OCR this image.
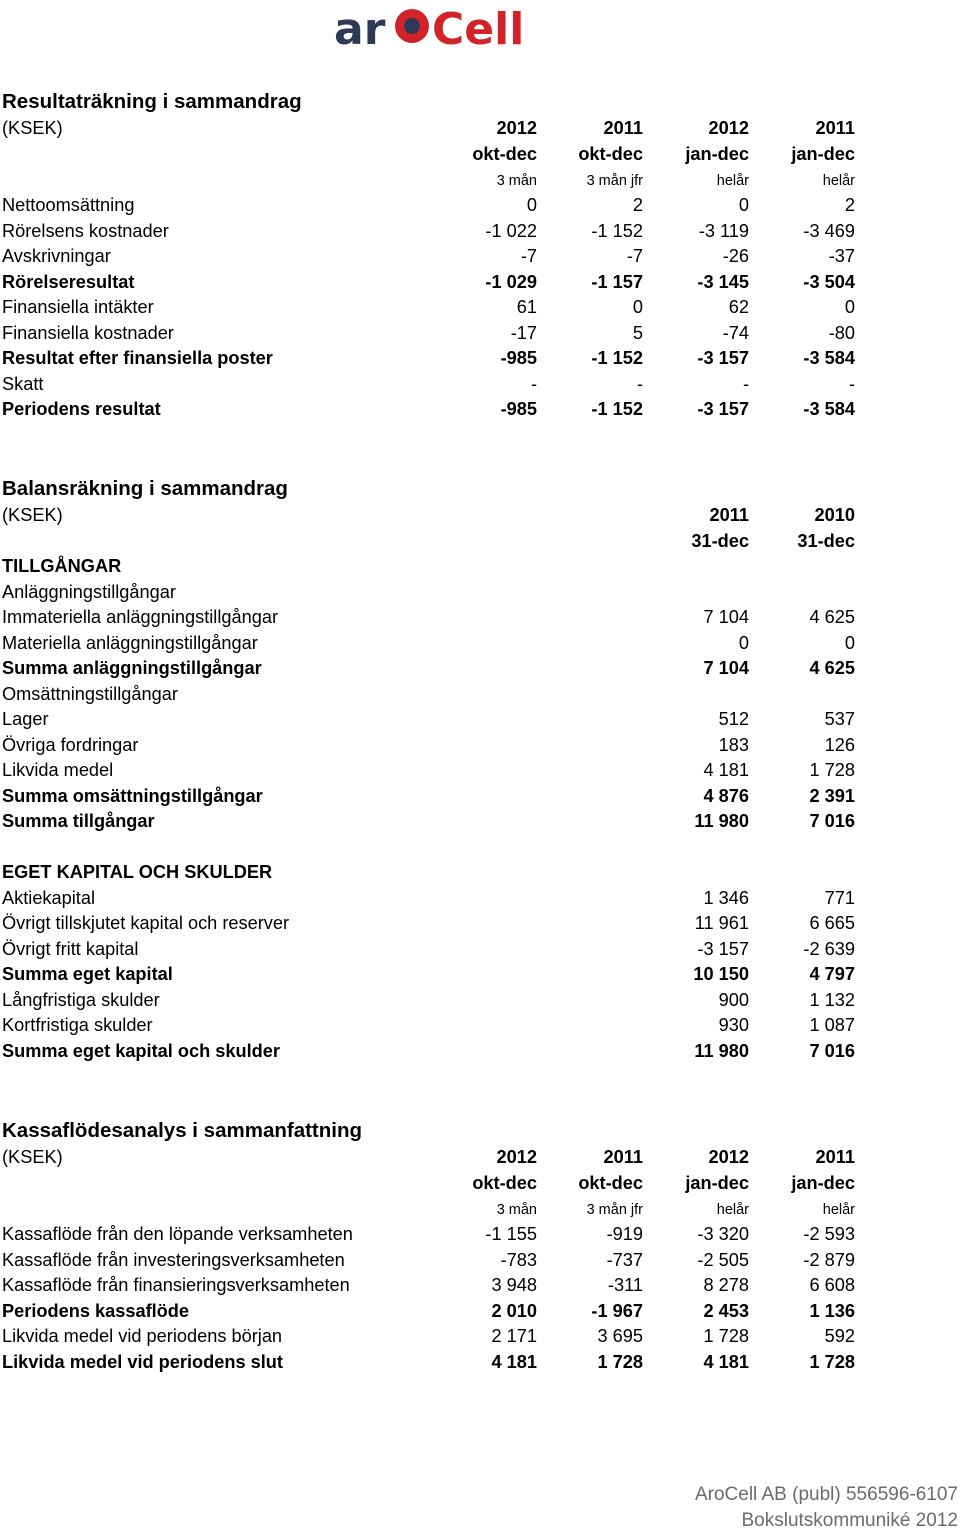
ar Cell
Resultaträkning i sammandrag
(KSEK)	2012	2011	2012	2011
okt-dec	okt-dec	jan-dec	jan-dec
3 mån	3 mån jfr	helår	helår
Nettoomsättning	0	2	0	2
Rörelsens kostnader	-1 022	-1 152	-3 119	-3 469
Avskrivningar	-7	-7	-26	-37
Rörelseresultat	-1 029	-1 157	-3 145	-3 504
Finansiella intäkter	61	0	62	0
Finansiella kostnader	-17	5	-74	-80
Resultat efter finansiella poster	-985	-1 152	-3 157	-3 584
Skatt	-	-	-	-
Periodens resultat	-985	-1 152	-3 157	-3 584
Balansräkning i sammandrag
(KSEK)	2011	2010
31-dec	31-dec
TILLGÅNGAR
Anläggningstillgångar
Immateriella anläggningstillgångar	7 104	4 625
Materiella anläggningstillgångar	0	0
Summa anläggningstillgångar	7 104	4 625
Omsättningstillgångar
Lager	512	537
Övriga fordringar	183	126
Likvida medel	4 181	1 728
Summa omsättningstillgångar	4 876	2 391
Summa tillgångar	11 980	7 016
EGET KAPITAL OCH SKULDER
Aktiekapital	1 346	771
Övrigt tillskjutet kapital och reserver	11 961	6 665
Övrigt fritt kapital	-3 157	-2 639
Summa eget kapital	10 150	4 797
Långfristiga skulder	900	1 132
Kortfristiga skulder	930	1 087
Summa eget kapital och skulder	11 980	7 016
Kassaflödesanalys i sammanfattning
(KSEK)	2012	2011	2012	2011
okt-dec	okt-dec	jan-dec	jan-dec
3 mån	3 mån jfr	helår	helår
Kassaflöde från den löpande verksamheten	-1 155	-919	-3 320	-2 593
Kassaflöde från investeringsverksamheten	-783	-737	-2 505	-2 879
Kassaflöde från finansieringsverksamheten	3 948	-311	8 278	6 608
Periodens kassaflöde	2 010	-1 967	2 453	1 136
Likvida medel vid periodens början	2 171	3 695	1 728	592
Likvida medel vid periodens slut	4 181	1 728	4 181	1 728
AroCell AB (publ) 556596-6107
Bokslutskommuniké 2012
